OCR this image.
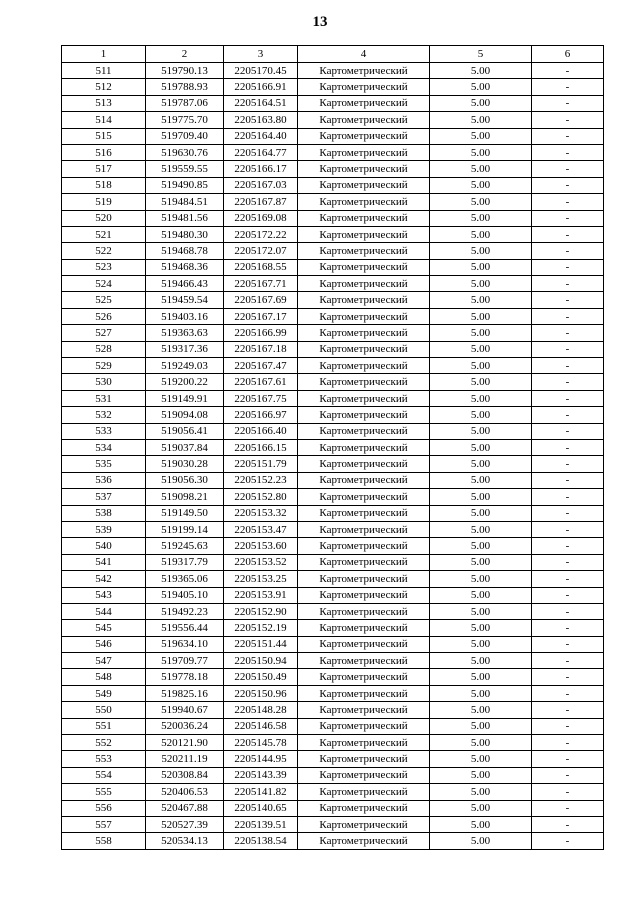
13
1	2	3	4	5	6
511	519790.13	2205170.45	Картометрический	5.00	-
512	519788.93	2205166.91	Картометрический	5.00	-
513	519787.06	2205164.51	Картометрический	5.00	-
514	519775.70	2205163.80	Картометрический	5.00	-
515	519709.40	2205164.40	Картометрический	5.00	-
516	519630.76	2205164.77	Картометрический	5.00	-
517	519559.55	2205166.17	Картометрический	5.00	-
518	519490.85	2205167.03	Картометрический	5.00	-
519	519484.51	2205167.87	Картометрический	5.00	-
520	519481.56	2205169.08	Картометрический	5.00	-
521	519480.30	2205172.22	Картометрический	5.00	-
522	519468.78	2205172.07	Картометрический	5.00	-
523	519468.36	2205168.55	Картометрический	5.00	-
524	519466.43	2205167.71	Картометрический	5.00	-
525	519459.54	2205167.69	Картометрический	5.00	-
526	519403.16	2205167.17	Картометрический	5.00	-
527	519363.63	2205166.99	Картометрический	5.00	-
528	519317.36	2205167.18	Картометрический	5.00	-
529	519249.03	2205167.47	Картометрический	5.00	-
530	519200.22	2205167.61	Картометрический	5.00	-
531	519149.91	2205167.75	Картометрический	5.00	-
532	519094.08	2205166.97	Картометрический	5.00	-
533	519056.41	2205166.40	Картометрический	5.00	-
534	519037.84	2205166.15	Картометрический	5.00	-
535	519030.28	2205151.79	Картометрический	5.00	-
536	519056.30	2205152.23	Картометрический	5.00	-
537	519098.21	2205152.80	Картометрический	5.00	-
538	519149.50	2205153.32	Картометрический	5.00	-
539	519199.14	2205153.47	Картометрический	5.00	-
540	519245.63	2205153.60	Картометрический	5.00	-
541	519317.79	2205153.52	Картометрический	5.00	-
542	519365.06	2205153.25	Картометрический	5.00	-
543	519405.10	2205153.91	Картометрический	5.00	-
544	519492.23	2205152.90	Картометрический	5.00	-
545	519556.44	2205152.19	Картометрический	5.00	-
546	519634.10	2205151.44	Картометрический	5.00	-
547	519709.77	2205150.94	Картометрический	5.00	-
548	519778.18	2205150.49	Картометрический	5.00	-
549	519825.16	2205150.96	Картометрический	5.00	-
550	519940.67	2205148.28	Картометрический	5.00	-
551	520036.24	2205146.58	Картометрический	5.00	-
552	520121.90	2205145.78	Картометрический	5.00	-
553	520211.19	2205144.95	Картометрический	5.00	-
554	520308.84	2205143.39	Картометрический	5.00	-
555	520406.53	2205141.82	Картометрический	5.00	-
556	520467.88	2205140.65	Картометрический	5.00	-
557	520527.39	2205139.51	Картометрический	5.00	-
558	520534.13	2205138.54	Картометрический	5.00	-
